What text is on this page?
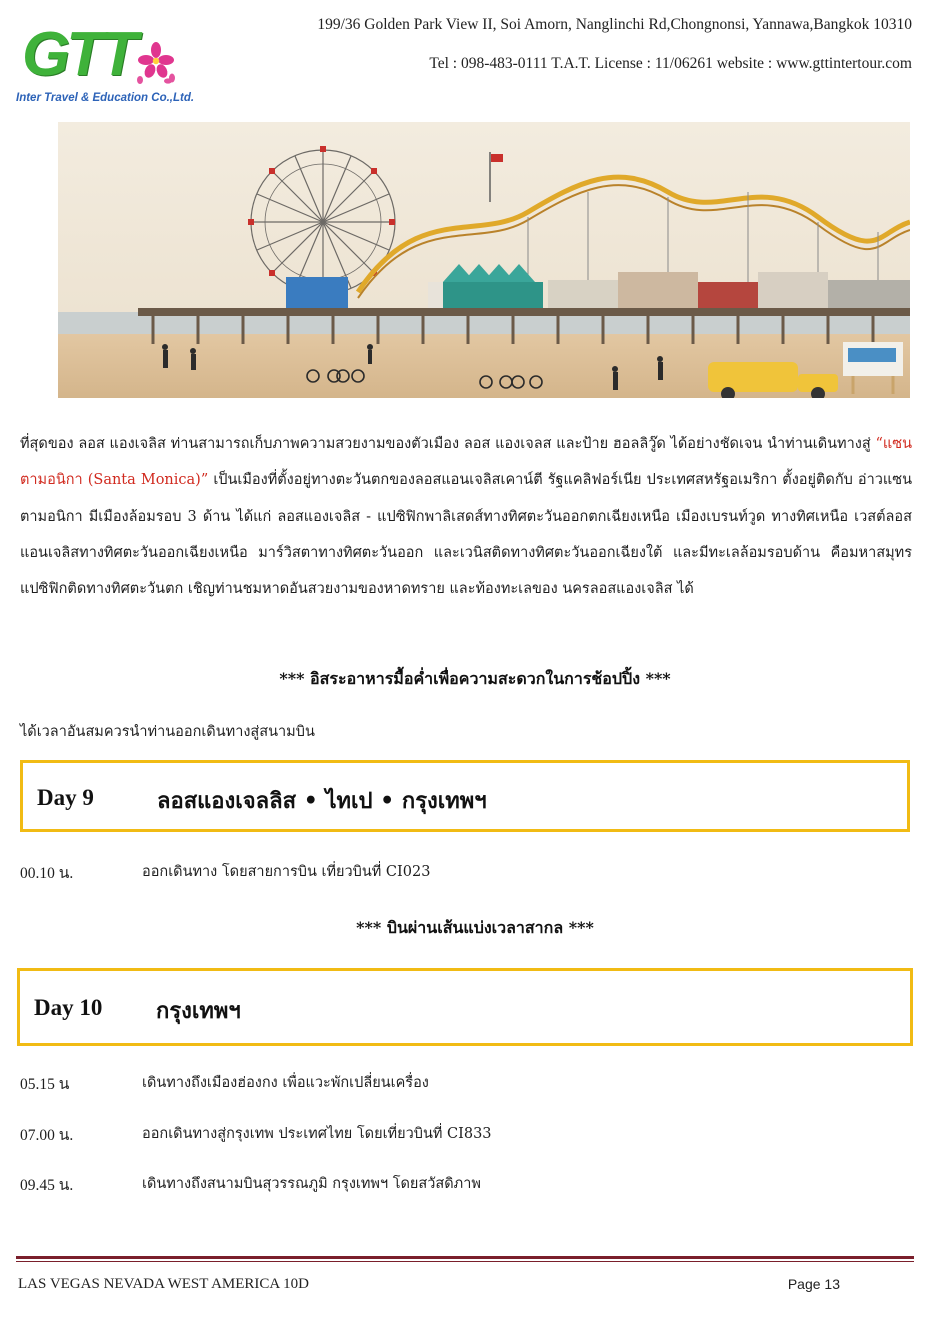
GTT
Inter Travel & Education Co.,Ltd.
199/36 Golden Park View II, Soi Amorn, Nanglinchi Rd,Chongnonsi, Yannawa,Bangkok 10310
Tel : 098-483-0111 T.A.T. License : 11/06261 website : www.gttintertour.com
ที่สุดของ ลอส แองเจลิส ท่านสามารถเก็บภาพความสวยงามของตัวเมือง ลอส แองเจลส และป้าย ฮอลลิวู๊ด ได้อย่างชัดเจน นำท่านเดินทางสู่ “แซนตามอนิกา (Santa Monica)” เป็นเมืองที่ตั้งอยู่ทางตะวันตกของลอสแอนเจลิสเคาน์ตี รัฐแคลิฟอร์เนีย ประเทศสหรัฐอเมริกา ตั้งอยู่ติดกับ อ่าวแซนตามอนิกา มีเมืองล้อมรอบ 3 ด้าน ได้แก่ ลอสแองเจลิส - แปซิฟิกพาลิเสดส์ทางทิศตะวันออกตกเฉียงเหนือ เมืองเบรนท์วูด ทางทิศเหนือ เวสต์ลอสแอนเจลิสทางทิศตะวันออกเฉียงเหนือ มาร์วิสตาทางทิศตะวันออก และเวนิสติดทางทิศตะวันออกเฉียงใต้ และมีทะเลล้อมรอบด้าน คือมหาสมุทรแปซิฟิกติดทางทิศตะวันตก เชิญท่านชมหาดอันสวยงามของหาดทราย และท้องทะเลของ นครลอสแองเจลิส ได้
*** อิสระอาหารมื้อค่ำเพื่อความสะดวกในการช้อปปิ้ง ***
ได้เวลาอันสมควรนำท่านออกเดินทางสู่สนามบิน
Day 9	ลอสแองเจลลิส • ไทเป • กรุงเทพฯ
00.10 น.	ออกเดินทาง โดยสายการบิน เที่ยวบินที่ CI023
*** บินผ่านเส้นแบ่งเวลาสากล ***
Day 10 กรุงเทพฯ
05.15 น	เดินทางถึงเมืองฮ่องกง เพื่อแวะพักเปลี่ยนเครื่อง
07.00 น.	ออกเดินทางสู่กรุงเทพ ประเทศไทย โดยเที่ยวบินที่ CI833
09.45 น.	เดินทางถึงสนามบินสุวรรณภูมิ กรุงเทพฯ โดยสวัสดิภาพ
LAS VEGAS NEVADA WEST AMERICA 10D	Page 13
